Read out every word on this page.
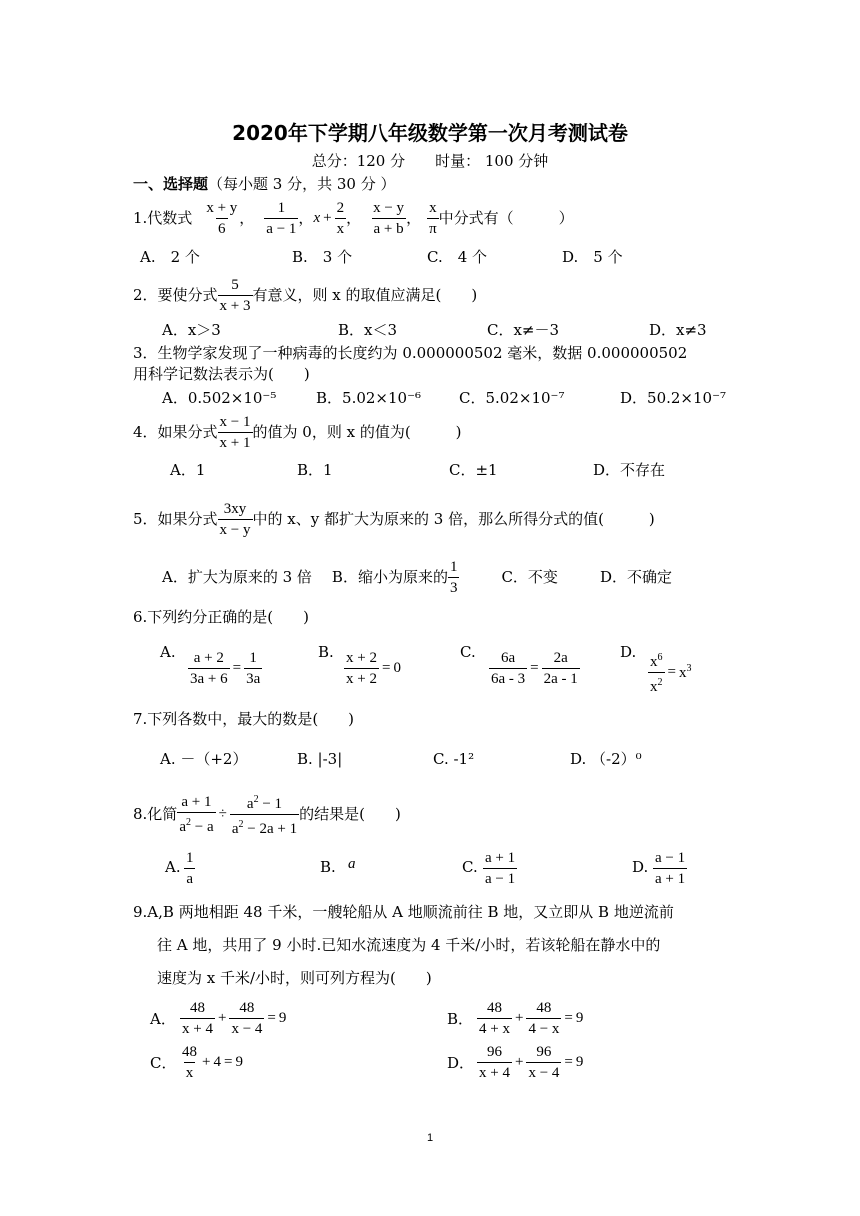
2020年下学期八年级数学第一次月考测试卷
总分：120 分　　时量： 100 分钟
一、选择题（每小题 3 分，共 30 分 ）
1.代数式
x + y
6
，
1
a − 1
， $x + \frac{2}{x}$ ，
x − y
a + b
，
x
π
中分式有（　　　）
A.　2 个	B.　3 个	C.　4 个	D.　5 个
2．要使分式
5
x + 3
有意义，则 x 的取值应满足(　　)
A．x＞3	B．x＜3	C．x≠－3	D．x≠3
3．生物学家发现了一种病毒的长度约为 0.000000502 毫米，数据 0.000000502
用科学记数法表示为(　　)
A．0.502×10⁻⁵	B．5.02×10⁻⁶	C．5.02×10⁻⁷	D．50.2×10⁻⁷
4．如果分式
x − 1
x + 1
的值为 0，则 x 的值为(　　　)
A．1	B．1	C．±1	D．不存在
5．如果分式
3xy
x − y
中的 x、y 都扩大为原来的 3 倍，那么所得分式的值(　　　)
A．扩大为原来的 3 倍 B．缩小为原来的
1
3
C．不变	D．不确定
6.下列约分正确的是(　　)
A. $\frac{a + 2}{3a + 6} = \frac{1}{3a}$	B. $\frac{x + 2}{x + 2} = 0$
C. $\frac{6a}{6a - 3} = \frac{2a}{2a - 1}$	D. $\frac{x^6}{x^2} = x^3$
7.下列各数中，最大的数是(　　)
A. －（+2）	B. |-3|	C. -1²	D. （-2）⁰
8.化简 $\frac{a + 1}{a^2 - a} \div \frac{a^2 - 1}{a^2 - 2a + 1}$ 的结果是(　　)
A. 1
a
B. a	C. a + 1
a − 1
D. a − 1
a + 1
9.A,B 两地相距 48 千米，一艘轮船从 A 地顺流前往 B 地，又立即从 B 地逆流前
往 A 地，共用了 9 小时.已知水流速度为 4 千米/小时，若该轮船在静水中的
速度为 x 千米/小时，则可列方程为(　　)
A．
48
x + 4
+ $\frac{48}{x - 4} = 9$	B．
48
4 + x
+ $\frac{48}{4 - x} = 9$
C．
48
x
+ 4 = 9	D．
96
x + 4
+ $\frac{96}{x - 4} = 9$
1
